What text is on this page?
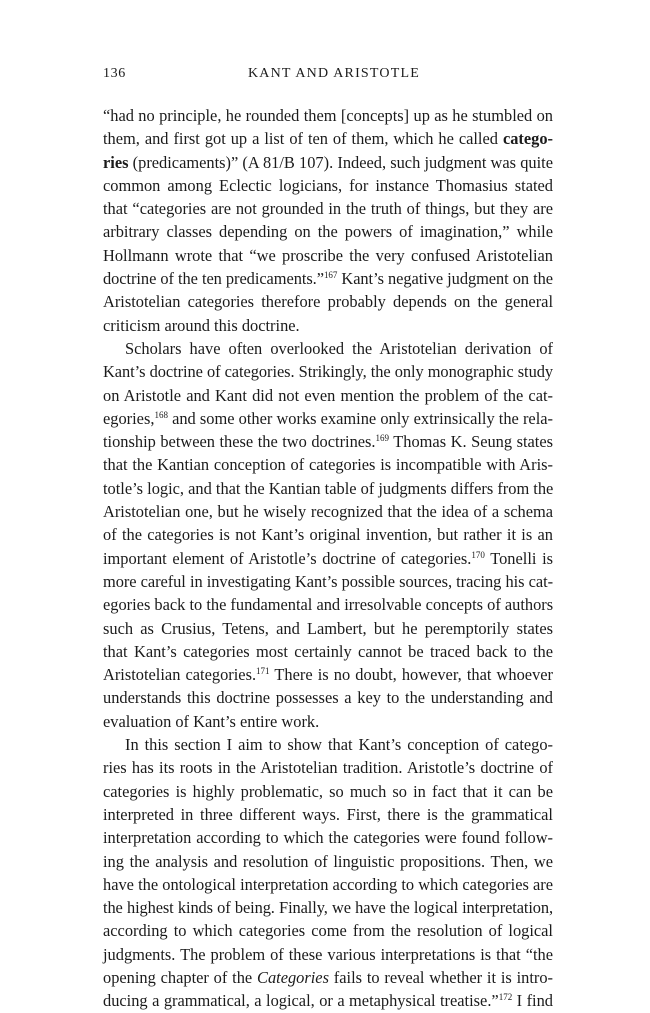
136	KANT AND ARISTOTLE
“had no principle, he rounded them [concepts] up as he stumbled on
them, and first got up a list of ten of them, which he called catego-
ries (predicaments)” (A 81/B 107). Indeed, such judgment was quite
common among Eclectic logicians, for instance Thomasius stated
that “categories are not grounded in the truth of things, but they are
arbitrary classes depending on the powers of imagination,” while
Hollmann wrote that “we proscribe the very confused Aristotelian
doctrine of the ten predicaments.”$^{167}$ Kant’s negative judgment on the
Aristotelian categories therefore probably depends on the general
criticism around this doctrine.
Scholars have often overlooked the Aristotelian derivation of
Kant’s doctrine of categories. Strikingly, the only monographic study
on Aristotle and Kant did not even mention the problem of the cat-
egories,$^{168}$ and some other works examine only extrinsically the rela-
tionship between these the two doctrines.$^{169}$ Thomas K. Seung states
that the Kantian conception of categories is incompatible with Aris-
totle’s logic, and that the Kantian table of judgments differs from the
Aristotelian one, but he wisely recognized that the idea of a schema
of the categories is not Kant’s original invention, but rather it is an
important element of Aristotle’s doctrine of categories.$^{170}$ Tonelli is
more careful in investigating Kant’s possible sources, tracing his cat-
egories back to the fundamental and irresolvable concepts of authors
such as Crusius, Tetens, and Lambert, but he peremptorily states
that Kant’s categories most certainly cannot be traced back to the
Aristotelian categories.$^{171}$ There is no doubt, however, that whoever
understands this doctrine possesses a key to the understanding and
evaluation of Kant’s entire work.
In this section I aim to show that Kant’s conception of catego-
ries has its roots in the Aristotelian tradition. Aristotle’s doctrine of
categories is highly problematic, so much so in fact that it can be
interpreted in three different ways. First, there is the grammatical
interpretation according to which the categories were found follow-
ing the analysis and resolution of linguistic propositions. Then, we
have the ontological interpretation according to which categories are
the highest kinds of being. Finally, we have the logical interpretation,
according to which categories come from the resolution of logical
judgments. The problem of these various interpretations is that “the
opening chapter of the Categories fails to reveal whether it is intro-
ducing a grammatical, a logical, or a metaphysical treatise.”$^{172}$ I find
